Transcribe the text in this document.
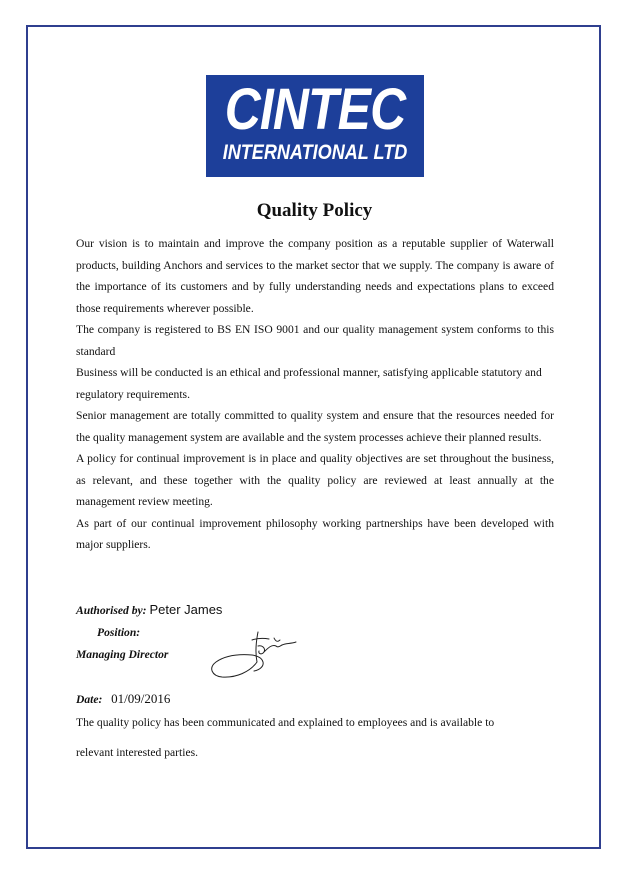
CINTEC
INTERNATIONAL LTD
Quality Policy

Our vision is to maintain and improve the company position as a reputable supplier of Waterwall products, building Anchors and services to the market sector that we supply. The company is aware of the importance of its customers and by fully understanding needs and expectations plans to exceed those requirements wherever possible.

The company is registered to BS EN ISO 9001 and our quality management system conforms to this standard

Business will be conducted is an ethical and professional manner, satisfying applicable statutory and regulatory requirements.

Senior management are totally committed to quality system and ensure that the resources needed for the quality management system are available and the system processes achieve their planned results.

A policy for continual improvement is in place and quality objectives are set throughout the business, as relevant, and these together with the quality policy are reviewed at least annually at the management review meeting.

As part of our continual improvement philosophy working partnerships have been developed with major suppliers.

Authorised by: Peter James
Position:
Managing Director
Date: 01/09/2016
The quality policy has been communicated and explained to employees and is available to
relevant interested parties.
